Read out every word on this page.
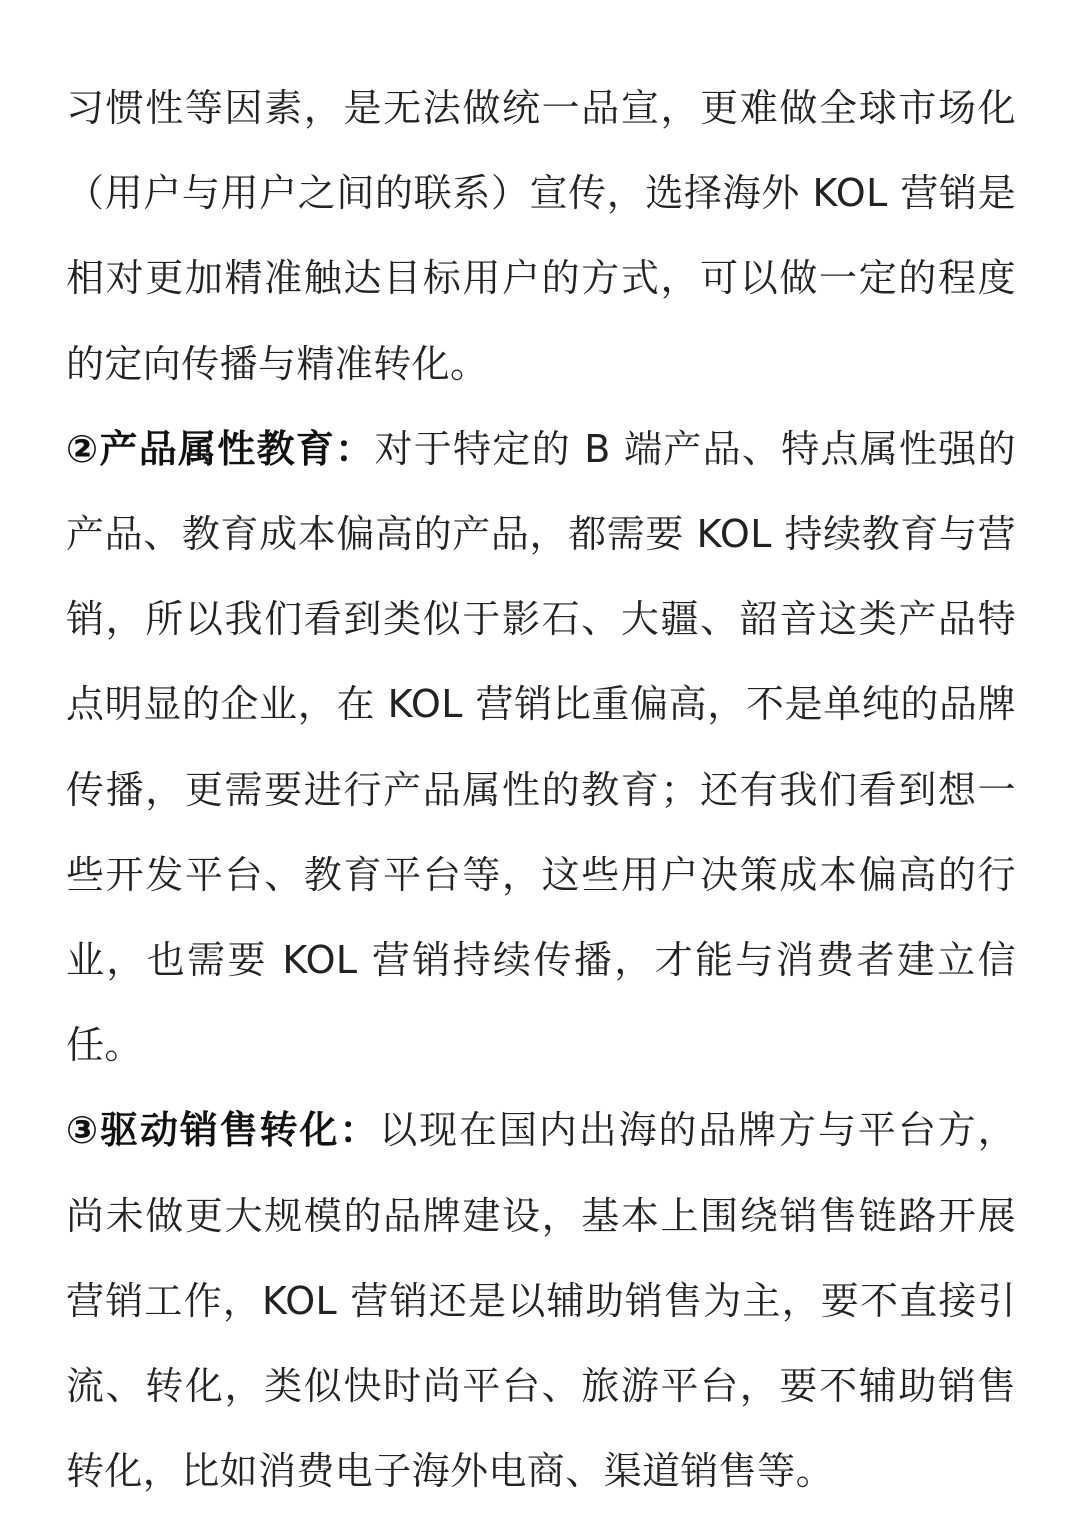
习惯性等因素，是无法做统一品宣，更难做全球市场化（用户与用户之间的联系）宣传，选择海外 KOL 营销是相对更加精准触达目标用户的方式，可以做一定的程度的定向传播与精准转化。

②产品属性教育：对于特定的 B 端产品、特点属性强的产品、教育成本偏高的产品，都需要 KOL 持续教育与营销，所以我们看到类似于影石、大疆、韶音这类产品特点明显的企业，在 KOL 营销比重偏高，不是单纯的品牌传播，更需要进行产品属性的教育；还有我们看到想一些开发平台、教育平台等，这些用户决策成本偏高的行业，也需要 KOL 营销持续传播，才能与消费者建立信任。

③驱动销售转化：以现在国内出海的品牌方与平台方，尚未做更大规模的品牌建设，基本上围绕销售链路开展营销工作，KOL 营销还是以辅助销售为主，要不直接引流、转化，类似快时尚平台、旅游平台，要不辅助销售转化，比如消费电子海外电商、渠道销售等。
